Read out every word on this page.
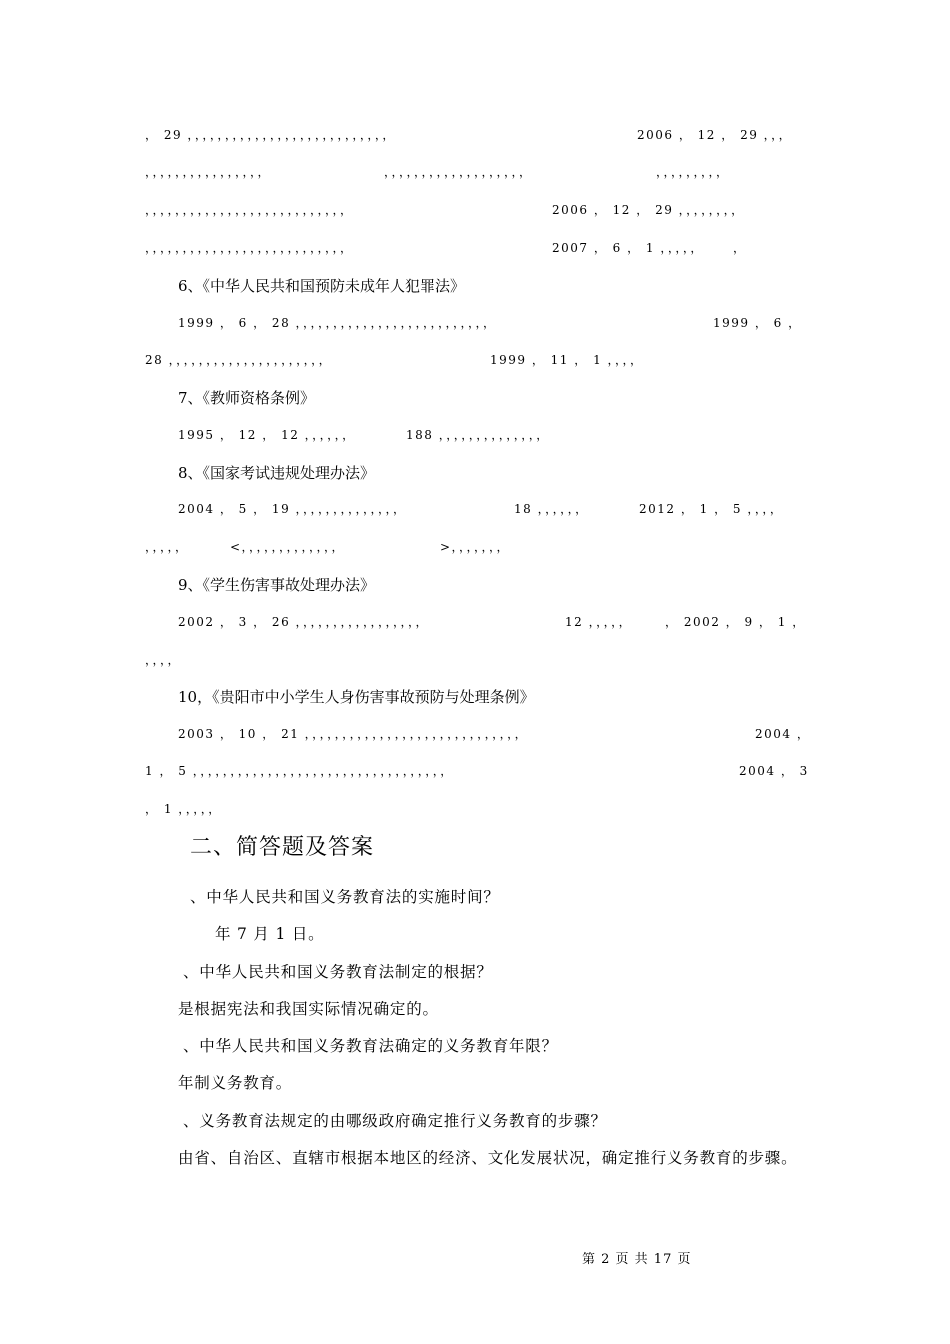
， 29 ，，，，，，，，，，，，，，，，，，，，，，，，，，，	2006 ， 12 ， 29 ，，，
，，，，，，，，，，，，，，，，	，，，，，，，，，，，，，，，，，，，	，，，，，，，，，
，，，，，，，，，，，，，，，，，，，，，，，，，，，	2006 ， 12 ， 29 ，，，，，，，，
，，，，，，，，，，，，，，，，，，，，，，，，，，，	2007 ， 6 ， 1 ，，，，， ，
6、《中华人民共和国预防未成年人犯罪法》
1999 ， 6 ， 28 ，，，，，，，，，，，，，，，，，，，，，，，，，，	1999 ， 6 ，
28 ，，，，，，，，，，，，，，，，，，，，，	1999 ， 11 ， 1 ，，，，
7、《教师资格条例》
1995 ， 12 ， 12 ，，，，，，	188 ，，，，，，，，，，，，，，
8、《国家考试违规处理办法》
2004 ， 5 ， 19 ，，，，，，，，，，，，，，	18 ，，，，，，	2012 ， 1 ， 5 ，，，，
，，，，，	<，，，，，，，，，，，，，	>，，，，，，，
9、《学生伤害事故处理办法》
2002 ， 3 ， 26 ，，，，，，，，，，，，，，，，，	12 ，，，，，	， 2002 ， 9 ， 1 ，
，，，，
10，《贵阳市中小学生人身伤害事故预防与处理条例》
2003 ， 10 ， 21 ，，，，，，，，，，，，，，，，，，，，，，，，，，，，，	2004 ，
1 ， 5 ，，，，，，，，，，，，，，，，，，，，，，，，，，，，，，，，，，	2004 ， 3
， 1 ，，，，，
二、简答题及答案
、中华人民共和国义务教育法的实施时间？
年 7 月 1 日。
、中华人民共和国义务教育法制定的根据？
是根据宪法和我国实际情况确定的。
、中华人民共和国义务教育法确定的义务教育年限？
年制义务教育。
、义务教育法规定的由哪级政府确定推行义务教育的步骤？
由省、自治区、直辖市根据本地区的经济、文化发展状况，确定推行义务教育的步骤。
第 2 页 共 17 页
